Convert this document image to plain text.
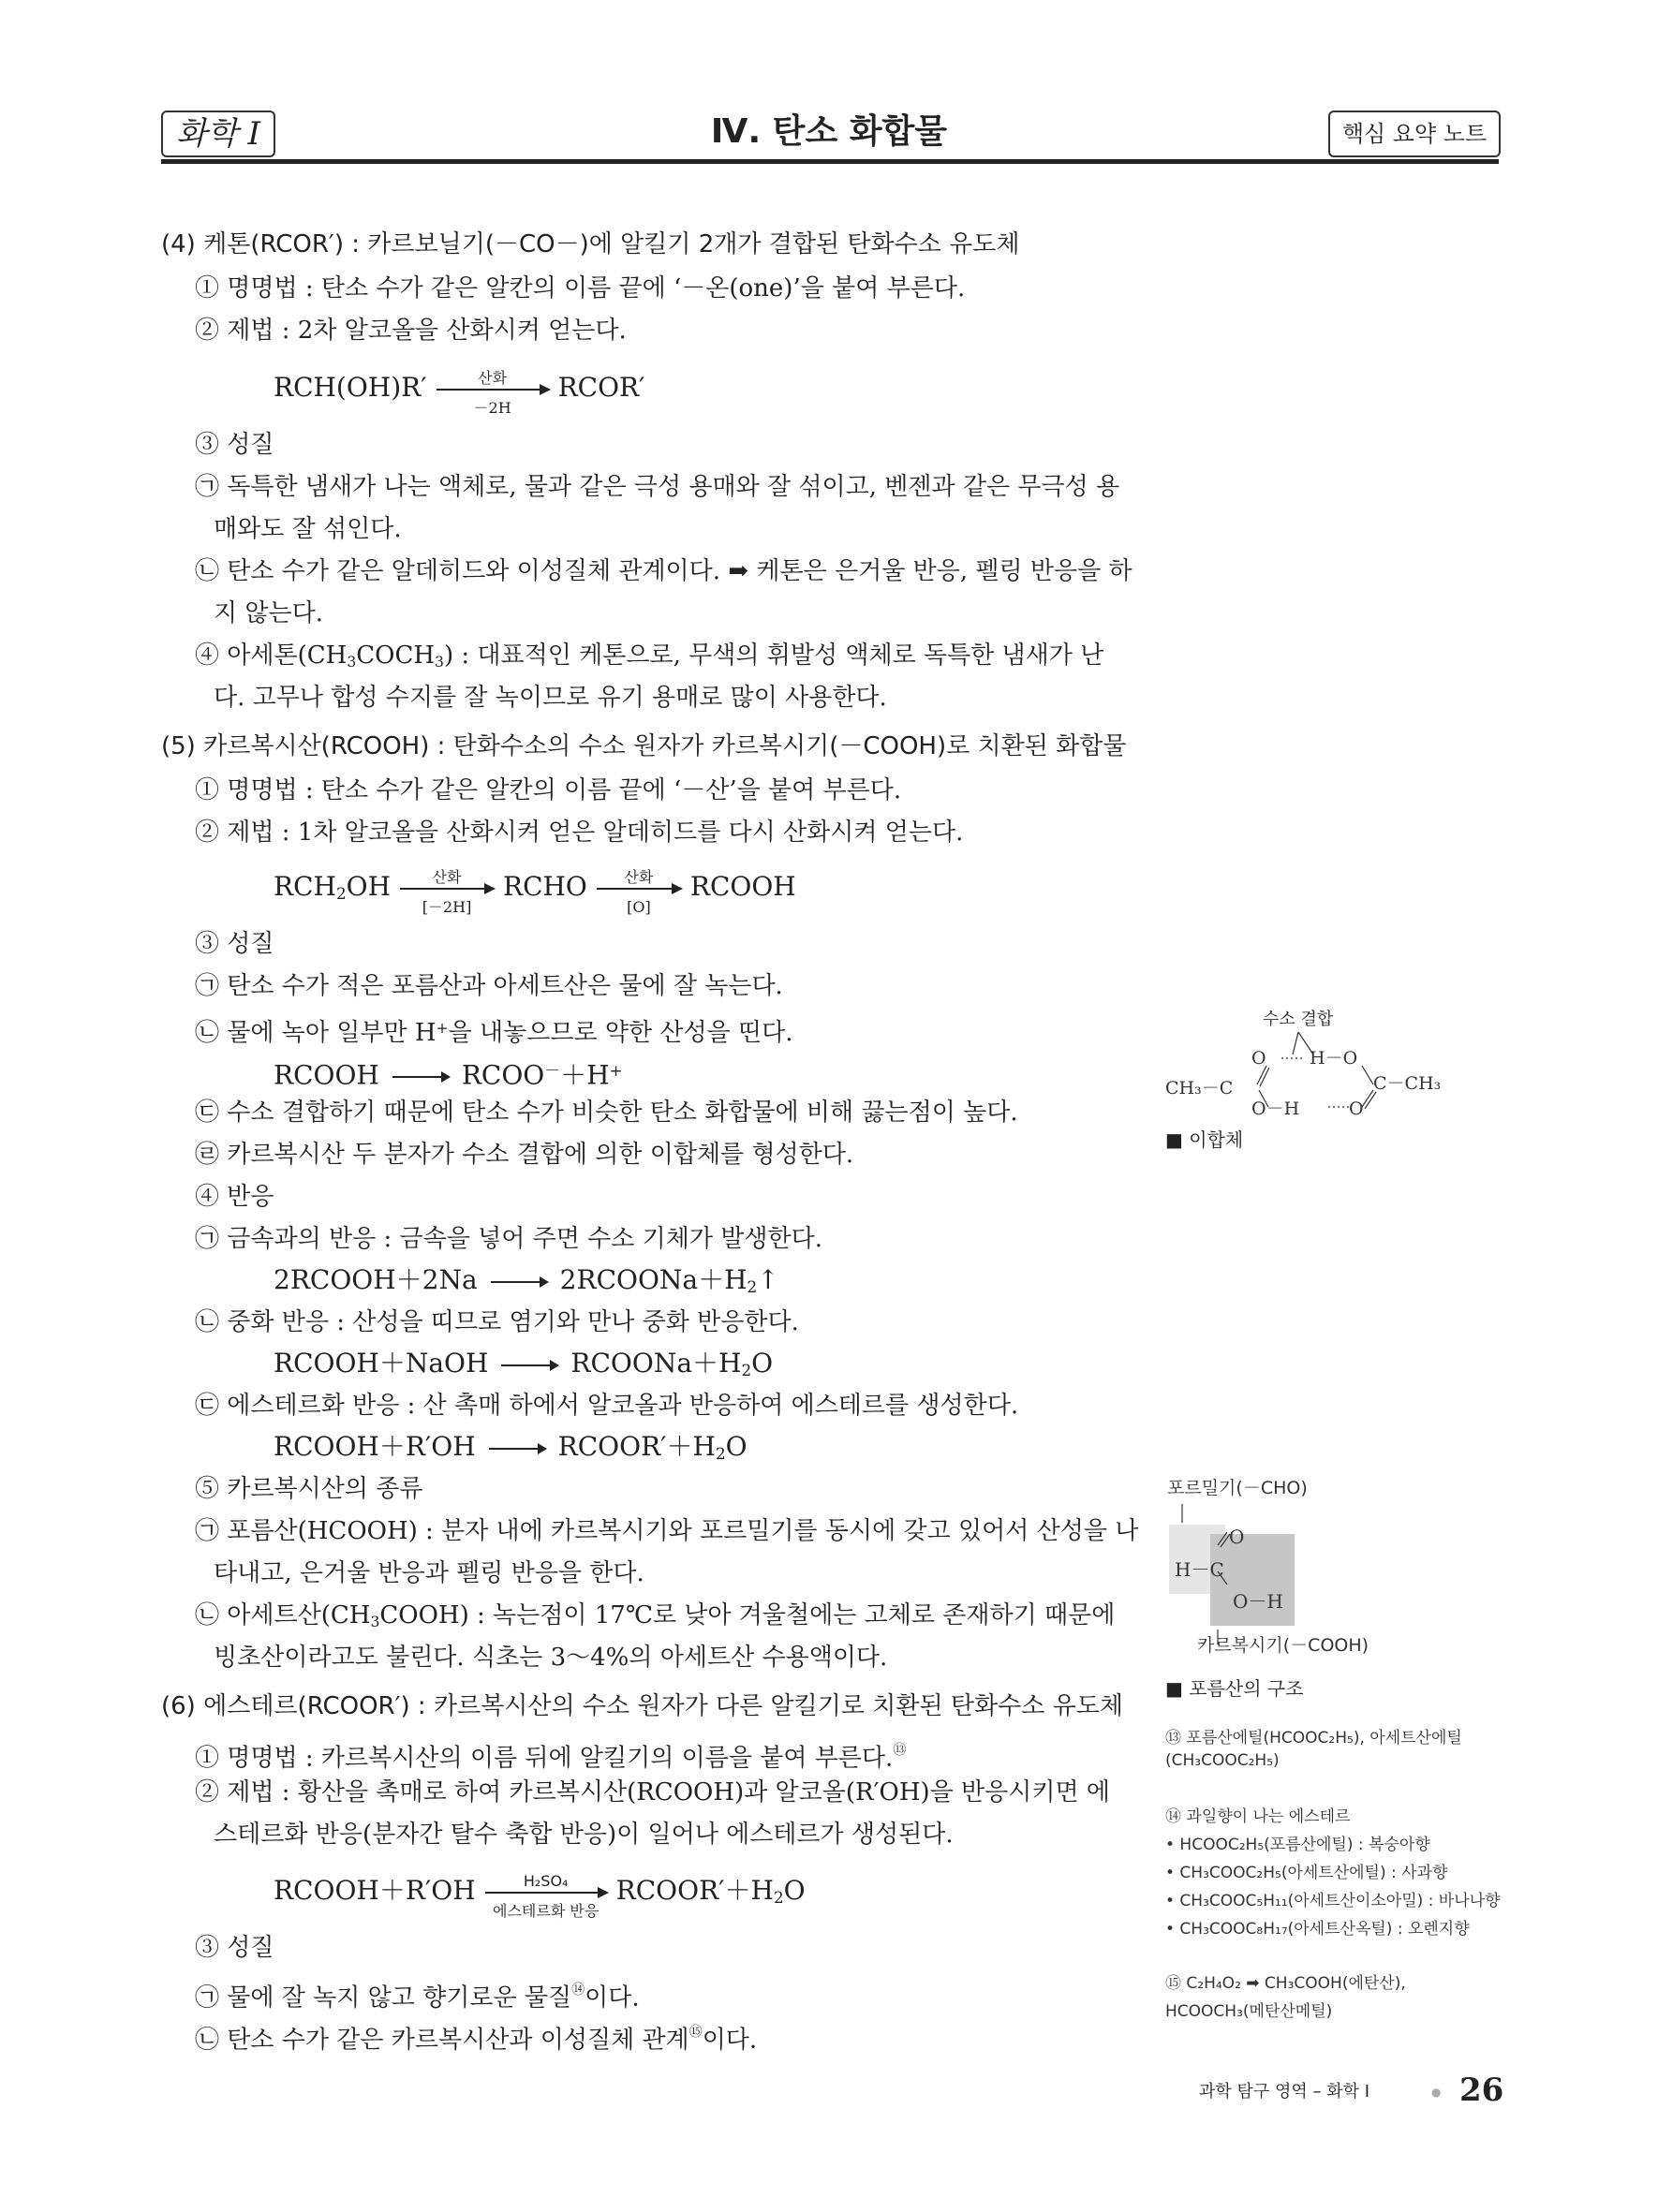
화학 Ⅰ	Ⅳ. 탄소 화합물	핵심 요약 노트
(4) 케톤(RCOR′) : 카르보닐기(－CO－)에 알킬기 2개가 결합된 탄화수소 유도체
① 명명법 : 탄소 수가 같은 알칸의 이름 끝에 ‘－온(one)’을 붙여 부른다.
② 제법 : 2차 알코올을 산화시켜 얻는다.
RCH(OH)R′	산화
－2H
RCOR′
③ 성질
㉠ 독특한 냄새가 나는 액체로, 물과 같은 극성 용매와 잘 섞이고, 벤젠과 같은 무극성 용
매와도 잘 섞인다.
㉡ 탄소 수가 같은 알데히드와 이성질체 관계이다. ➡ 케톤은 은거울 반응, 펠링 반응을 하
지 않는다.
④ 아세톤$(CH_3COCH_3)$ : 대표적인 케톤으로, 무색의 휘발성 액체로 독특한 냄새가 난
다. 고무나 합성 수지를 잘 녹이므로 유기 용매로 많이 사용한다.
(5) 카르복시산(RCOOH) : 탄화수소의 수소 원자가 카르복시기(－COOH)로 치환된 화합물
① 명명법 : 탄소 수가 같은 알칸의 이름 끝에 ‘－산’을 붙여 부른다.
② 제법 : 1차 알코올을 산화시켜 얻은 알데히드를 다시 산화시켜 얻는다.
$RCH_2OH$	산화
[－2H]
RCHO	산화
[O]
RCOOH
③ 성질
㉠ 탄소 수가 적은 포름산과 아세트산은 물에 잘 녹는다.
㉡ 물에 녹아 일부만 H+을 내놓으므로 약한 산성을 띤다.
RCOOH → RCOO－＋H+
㉢ 수소 결합하기 때문에 탄소 수가 비슷한 탄소 화합물에 비해 끓는점이 높다.
㉣ 카르복시산 두 분자가 수소 결합에 의한 이합체를 형성한다.
④ 반응
㉠ 금속과의 반응 : 금속을 넣어 주면 수소 기체가 발생한다.
2RCOOH＋2Na → $2RCOONa+H_2↑$
㉡ 중화 반응 : 산성을 띠므로 염기와 만나 중화 반응한다.
RCOOH＋NaOH → $RCOONa+H_2O$
㉢ 에스테르화 반응 : 산 촉매 하에서 알코올과 반응하여 에스테르를 생성한다.
RCOOH＋R′OH → $RCOOR'+H_2O$
⑤ 카르복시산의 종류
㉠ 포름산(HCOOH) : 분자 내에 카르복시기와 포르밀기를 동시에 갖고 있어서 산성을 나
타내고, 은거울 반응과 펠링 반응을 한다.
㉡ 아세트산$(CH_3COOH)$ : 녹는점이 17℃로 낮아 겨울철에는 고체로 존재하기 때문에
빙초산이라고도 불린다. 식초는 3～4%의 아세트산 수용액이다.
(6) 에스테르(RCOOR′) : 카르복시산의 수소 원자가 다른 알킬기로 치환된 탄화수소 유도체
① 명명법 : 카르복시산의 이름 뒤에 알킬기의 이름을 붙여 부른다.⑬
② 제법 : 황산을 촉매로 하여 카르복시산(RCOOH)과 알코올(R′OH)을 반응시키면 에
스테르화 반응(분자간 탈수 축합 반응)이 일어나 에스테르가 생성된다.
RCOOH＋R′OH	H₂SO₄
에스테르화 반응
$RCOOR'+H_2O$
③ 성질
㉠ 물에 잘 녹지 않고 향기로운 물질⑭이다.
㉡ 탄소 수가 같은 카르복시산과 이성질체 관계⑮이다.
수소 결합
CH₃－C
O H－O
O－H	O
C－CH₃
■ 이합체
포르밀기(－CHO)
O
H－C
O－H
카르복시기(－COOH)
■ 포름산의 구조
⑬ 포름산에틸(HCOOC₂H₅), 아세트산에틸
(CH₃COOC₂H₅)
⑭ 과일향이 나는 에스테르
• HCOOC₂H₅(포름산에틸) : 복숭아향
• CH₃COOC₂H₅(아세트산에틸) : 사과향
• CH₃COOC₅H₁₁(아세트산이소아밀) : 바나나향
• CH₃COOC₈H₁₇(아세트산옥틸) : 오렌지향
⑮ C₂H₄O₂ ➡ CH₃COOH(에탄산),
HCOOCH₃(메탄산메틸)
과학 탐구 영역 – 화학 Ⅰ	● 26
